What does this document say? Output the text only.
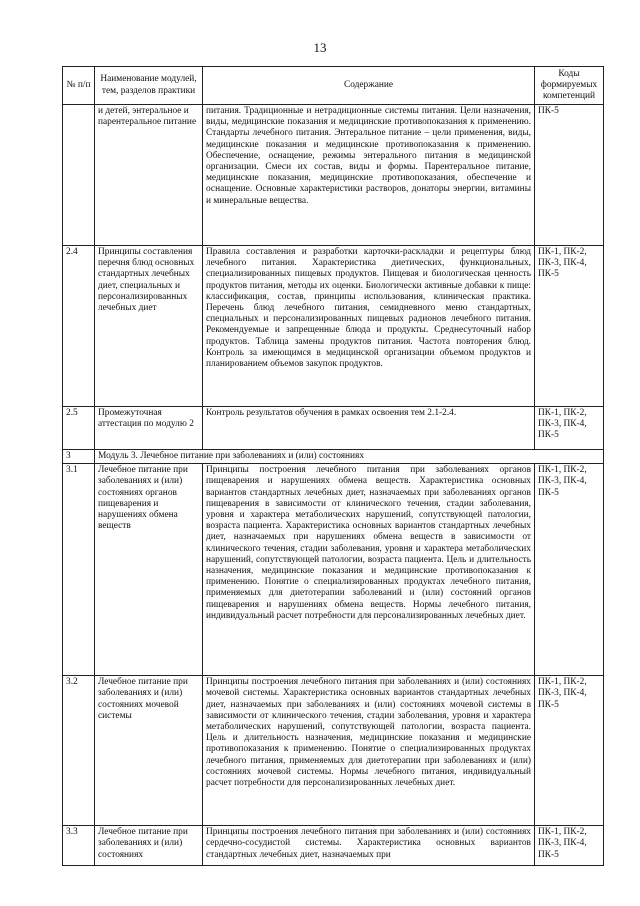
13
№ п/п	Наименование модулей, тем, разделов практики	Содержание	Коды формируемых компетенций
	и детей, энтеральное и парентеральное питание	питания. Традиционные и нетрадиционные системы питания. Цели назначения, виды, медицинские показания и медицинские противопоказания к применению. Стандарты лечебного питания. Энтеральное питание – цели применения, виды, медицинские показания и медицинские противопоказания к применению. Обеспечение, оснащение, режимы энтерального питания в медицинской организации. Смеси их состав, виды и формы. Парентеральное питание, медицинские показания, медицинские противопоказания, обеспечение и оснащение. Основные характеристики растворов, донаторы энергии, витамины и минеральные вещества.	ПК-5
2.4	Принципы составления перечня блюд основных стандартных лечебных диет, специальных и персонализированных лечебных диет	Правила составления и разработки карточки-раскладки и рецептуры блюд лечебного питания. Характеристика диетических, функциональных, специализированных пищевых продуктов. Пищевая и биологическая ценность продуктов питания, методы их оценки. Биологически активные добавки к пище: классификация, состав, принципы использования, клиническая практика. Перечень блюд лечебного питания, семидневного меню стандартных, специальных и персонализированных пищевых радионов лечебного питания. Рекомендуемые и запрещенные блюда и продукты. Среднесуточный набор продуктов. Таблица замены продуктов питания. Частота повторения блюд. Контроль за имеющимся в медицинской организации объемом продуктов и планированием объемов закупок продуктов.	ПК-1, ПК-2, ПК-3, ПК-4, ПК-5
2.5	Промежуточная аттестация по модулю 2	Контроль результатов обучения в рамках освоения тем 2.1-2.4.	ПК-1, ПК-2, ПК-3, ПК-4, ПК-5
3	Модуль 3. Лечебное питание при заболеваниях и (или) состояниях		
3.1	Лечебное питание при заболеваниях и (или) состояниях органов пищеварения и нарушениях обмена веществ	Принципы построения лечебного питания при заболеваниях органов пищеварения и нарушениях обмена веществ. Характеристика основных вариантов стандартных лечебных диет, назначаемых при заболеваниях органов пищеварения в зависимости от клинического течения, стадии заболевания, уровня и характера метаболических нарушений, сопутствующей патологии, возраста пациента. Характеристика основных вариантов стандартных лечебных диет, назначаемых при нарушениях обмена веществ в зависимости от клинического течения, стадии заболевания, уровня и характера метаболических нарушений, сопутствующей патологии, возраста пациента. Цель и длительность назначения, медицинские показания и медицинские противопоказания к применению. Понятие о специализированных продуктах лечебного питания, применяемых для диетотерапии заболеваний и (или) состояний органов пищеварения и нарушениях обмена веществ. Нормы лечебного питания, индивидуальный расчет потребности для персонализированных лечебных диет.	ПК-1, ПК-2, ПК-3, ПК-4, ПК-5
3.2	Лечебное питание при заболеваниях и (или) состояниях мочевой системы	Принципы построения лечебного питания при заболеваниях и (или) состояниях мочевой системы. Характеристика основных вариантов стандартных лечебных диет, назначаемых при заболеваниях и (или) состояниях мочевой системы в зависимости от клинического течения, стадии заболевания, уровня и характера метаболических нарушений, сопутствующей патологии, возраста пациента. Цель и длительность назначения, медицинские показания и медицинские противопоказания к применению. Понятие о специализированных продуктах лечебного питания, применяемых для диетотерапии при заболеваниях и (или) состояниях мочевой системы. Нормы лечебного питания, индивидуальный расчет потребности для персонализированных лечебных диет.	ПК-1, ПК-2, ПК-3, ПК-4, ПК-5
3.3	Лечебное питание при заболеваниях и (или) состояниях	Принципы построения лечебного питания при заболеваниях и (или) состояниях сердечно-сосудистой системы. Характеристика основных вариантов стандартных лечебных диет, назначаемых при	ПК-1, ПК-2, ПК-3, ПК-4, ПК-5
